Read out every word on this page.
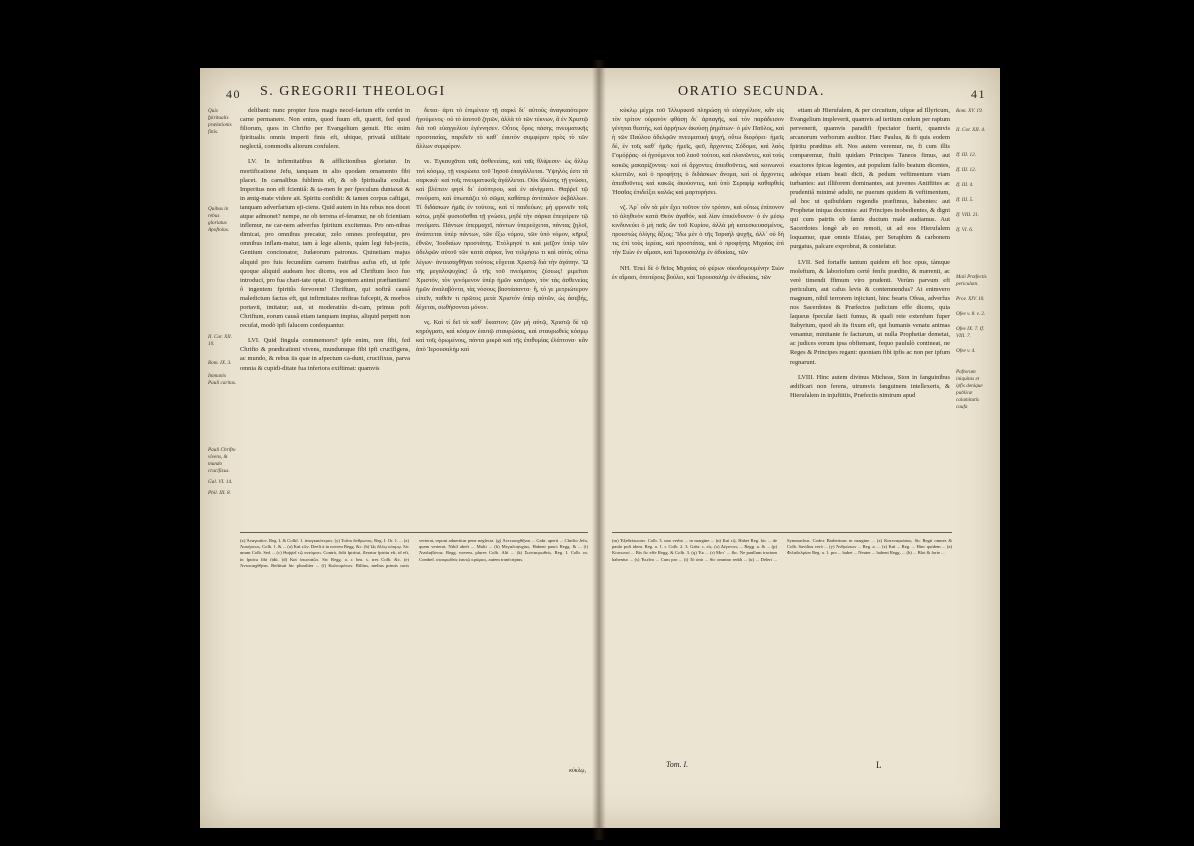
40 S. GREGORII THEOLOGI
Quis fpiritualis prælationis finis.
Quibus in rebus gloriatus Apoftolus.
II. Cor. XII. 10.
Rom. IX. 3.
Immanis Pauli caritas.
Pauli Chrifto vivens, & mundo crucifixus.
Gal. VI. 14.
Phil. III. 8.

delibant: nunc propter fuos magis necef-farium effe cenfet in carne permanere. Non enim, quod fuum eft, quærit, fed quod filiorum, quos in Chrifto per Evangelium genuit. Hic enim fpiritualis omnis imperii finis eft, ubique, privatâ utilitate neglectâ, commodis aliorum confulere.

LV. In infirmitatibus & afflictionibus gloriatur. In mortificatione Jefu, tanquam in alio quodam ornamento fibi placet. In carnalibus fublimis eft, & ob fpiritualia exultat. Imperitus non eft fcientiâ: & ta-men fe per fpeculum duntaxat & in ænig-mate videre ait. Spiritu confidit: & tamen corpus caftigat, tanquam adverfarium eji-ciens. Quid autem in his rebus nos docet atque admonet? nempe, ne ob terrena ef-feramur, ne ob fcientiam inflemur, ne car-nem adverfus fpiritum excitemus. Pro om-nibus dimicat, pro omnibus precatur, zelo omnes profequitur, pro omnibus inflam-matur, tam à lege alienis, quàm legi fub-jectis, Gentium concionator, Judæorum patronus. Quinetiam majus aliquid pro fuis fecundùm carnem fratribus aufus eft, ut ipfe quoque aliquid audeam hoc dicens, eos ad Chriftum loco fuo introduci, pro fua chari-tate optat. O ingentem animi præftantiam! ô ingentem fpiritûs fervorem! Chriftum, qui noftrâ causâ maledictum factus eft, qui infirmitates noftras fufcepit, & morbos portavit, imitatur; aut, ut moderatiùs di-cam, primus poft Chriftum, eorum causâ etiam tanquam impius, aliquid perpeti non recufat, modò ipfi falucem confequantur.

LVI. Quid fingula commemoro? ipfe enim, non fibi, fed Chrifto & prædicationi vivens, mundumque fibi ipfi crucifigens, ac mundo, & rebus iis quæ in afpectum ca-dunt, crucifixus, parva omnia & cupidi-ditate fua inferiora exiftimat: quamvis

δεται· ἀρτι τὸ ἐπιμένειν τῇ σαρκὶ δι᾽ αὐτοὺς ἀναγκαιότερον ἡγούμενος· οὐ τὸ ἑαυτοῦ ζητῶν, ἀλλὰ τὸ τῶν τέκνων, ἃ ἐν Χριστῷ διὰ τοῦ εὐαγγελίου ἐγέννησεν. Οὗτος ὅρος πάσης πνευματικῆς προστασίας, παριδεῖν τὸ καθ᾽ ἑαυτὸν συμφέρον πρὸς τὸ τῶν ἄλλων συμφέρον.

νε. Ἐγκαυχᾶται ταῖς ἀσθενείαις, καὶ ταῖς θλίψεσιν· ὡς ἄλλῳ τινὶ κόσμῳ, τῇ νεκρώσει τοῦ Ἰησοῦ ἐπαγάλλεται. Ὑψηλός ἐστι τὰ σαρκικά· καὶ τοῖς πνευματικοῖς ἀγάλλεται. Οὐκ ἰδιώτης τῇ γνώσει, καὶ βλέπειν φησὶ δι᾽ ἐσόπτρου, καὶ ἐν αἰνίγματι. Θαῤῥεῖ τῷ πνεύματι, καὶ ὑπωπιάζει τὸ σῶμα, καθάπερ ἀντίπαλον ἐκβάλλων. Τί διδάσκων ἡμᾶς ἐν τούτοις, καὶ τί παιδεύων; μὴ φρονεῖν τοῖς κάτω, μηδὲ φυσιοῦσθαι τῇ γνώσει, μηδὲ τὴν σάρκα ἐπεγείρειν τῷ πνεύματι. Πάντων ὑπερμαχεῖ, πάντων ὑπερεύχεται, πάντας ζηλοῖ, ἀνάπτεται ὑπὲρ πάντων, τῶν ἔξω νόμου, τῶν ὑπὸ νόμον, κῆρυξ ἐθνῶν, Ἰουδαίων προστάτης. Ἐτόλμησέ τι καὶ μεῖζον ὑπὲρ τῶν ἀδελφῶν αὐτοῦ τῶν κατὰ σάρκα, ἵνα τολμήσω τι καὶ αὐτὸς οὕτω λέγων· ἀντεισαχθῆναι τούτοις εὔχεται Χριστῷ διὰ τὴν ἀγάπην. Ὢ τῆς μεγαλοψυχίας! ὢ τῆς τοῦ πνεύματος ζέσεως! μιμεῖται Χριστόν, τὸν γενόμενον ὑπὲρ ἡμῶν κατάραν, τὸν τὰς ἀσθενείας ἡμῶν ἀναλαβόντα, τὰς νόσους βαστάσαντα· ἢ, τό γε μετριώτερον εἰπεῖν, παθεῖν τι πρῶτος μετὰ Χριστὸν ὑπὲρ αὐτῶν, ὡς ἀσεβής, δέχεται, σωθήσονται μόνον.

νς. Καὶ τί δεῖ τὰ καθ᾽ ἕκαστον; ζῶν μὴ αὐτῷ, Χριστῷ δὲ τῷ κηρύγματι, καὶ κόσμον ἑαυτῷ σταυρώσας, καὶ σταυρωθεὶς κόσμῳ καὶ τοῖς ὁρωμένοις, πάντα μικρὰ καὶ τῆς ἐπιθυμίας ἐλάττονα· κἂν ἀπὸ Ἱερουσαλὴμ καὶ

(x) Ἀναγκαῖον. Reg. I. & Colbf. 1. ἀναγκαιότερον. (y) Τοῦτο ἄνθρωπος. Reg. I. Or. 1. ... (z) Ἀσκήσεως. Colb. 1. & ... (a) Καὶ τῶν. Deeft à in novem Regg. &c. (b) Ὡς ἄλλῳ κόσμῳ. Sic unum Colb. Sed ... (c) Θαῤῥεῖ τῷ πνεύματι. Contrà, fidit fpiritui, fleratur fpiritu eft, id eft, in fpiritu fibi fidit. (d) Καὶ ὑπωπιάζει. Sic Regg. a. r. bm. s. tres Colb. &c. (e) Ἀντεισαχθῆναι. Reftituti hic pluraliter ... (f) Καλουμένων. Billius, melius primis curis verterat, reponi aduertitur pene neglecta. (g) Ἀντεισαχθῆναι ... Gabr. aperit ... Chrifto Jefu, quem verterat. Nihil abeft ... Multi ... (h) Μεγαλοψυχίας. Habent pauci Regg. & ... (i) Ἀναλαβόντα. Regg. novem, plures Colb. Alii ... (k) Συσταυρωθείς. Reg. I. Colb. m. Combef. σταυρωθεὶς ἐαυτῷ κρύφιος, autem tranfcriptus.
κύκλῳ,
ORATIO SECUNDA.	41

κύκλῳ μέχρι τοῦ Ἰλλυρικοῦ πληρώσῃ τὸ εὐαγγέλιον, κἂν εἰς τὸν τρίτον οὐρανὸν φθάσῃ δι᾽ ἁρπαγῆς, καὶ τὸν παράδεισον γένηται θεατής, καὶ ἀρρήτων ἀκούσῃ ῥημάτων· ὁ μὲν Παῦλος, καὶ ἡ τῶν Παύλου ἀδελφῶν πνευματική ψυχή, οὕτω διεφόρει· ἡμεῖς δέ, ἐν τοῖς καθ᾽ ἡμᾶς· ἡμεῖς, φεῦ, ἄρχοντες Σόδομα, καὶ λαὸς Γομόῤῥας· οἱ ἡγούμενοι τοῦ λαοῦ τούτου, καὶ πλανῶντες, καὶ τοὺς κακῶς μακαρίζοντας· καὶ οἱ ἄρχοντες ἀπειθοῦντες, καὶ κοινωνοὶ κλεπτῶν, καὶ ὁ προφήτης ὁ διδάσκων ἄνομα, καὶ οἱ ἄρχοντες ἀπειθοῦντες καὶ κακῶς ἀκούοντες, καὶ ὑπὸ Σεραφὶμ καθαρθεὶς Ἡσαΐας ἐπιδείξει καλῶς καὶ μαρτυρήσει.

νζ. Ἀρ᾽ οὖν τὰ μὲν ἔχει τοῦτον τὸν τρόπον, καὶ οὕτως ἐπίπονον τὸ ἀληθινὸν κατὰ Θεὸν ἀγαθόν, καὶ λίαν ἐπικίνδυνον· ὁ ἐν μέσῳ κινδυνεύει ὁ μὴ παῖς ὢν τοῦ Κυρίου, ἀλλὰ μὴ κατεσκευασμένος, προεστὼς ὀλίγης ἄξιος; Ἴδω μὲν ὁ τῆς Ἰσραὴλ ψυχῆς, ἀλλ᾽ οὐ δή τις ἐπὶ τοὺς ἱερέας, καὶ προστάτας, καὶ ὁ προφήτης Μιχαίας ἐπὶ τὴν Σιὼν ἐν αἵμασι, καὶ Ἱερουσαλὴμ ἐν ἀδικίαις, τῶν

ΝΗ. Ἐπεὶ δὲ ὁ θεῖος Μιχαίας οὐ φέρων οἰκοδομουμένην Σιὼν ἐν αἵμασι, ὁποτέροις βούλει, καὶ Ἱερουσαλὴμ ἐν ἀδικίαις, τῶν

etiam ab Hierufalem, & per circuitum, ufque ad Illyricum, Evangelium impleverit, quamvis ad tertium cœlum per raptum pervenerit, quamvis paradifi fpectator fuerit, quamvis arcanorum verborum auditor. Hæc Paulus, & fi quis eodem fpiritu præditus eft. Nos autem veremur, ne, fi cum illis comparemur, ftulti quidam Principes Taneos fimus, aut exactores fpicas legentes, aut populum falfo beatum dicentes, adeòque etiam beati dicti, & pedum veftimentum viam turbantes: aut illiforem dominantes, aut juvenes Antiftites ac prudentiâ minimè adulti, ne puerum quidem & veftimentum, ad hoc ut quibufdam regendis præfimus, habentes: aut Prophetæ iniqua docentes: aut Principes inobedientes, & digni qui cum patriis ob famis ductum male audiamus. Aut Sacerdotes longè ab eo remoti, ut ad eos Hierufalem loquamur, quæ omnis Efaias, per Seraphim & carbonem purgatus, palcare exprobrat, & contefatur.

LVII. Sed fortaffe tantum quidem eft hoc opus, tàmque moleftum, & laboriofum certè fenfu prædito, & mærenti, ac verè timendi ffimum viro prudenti. Verùm parvum eft periculum, aut cafus levis & contemnendus? At enimvero magnum, nihil terrorem injiciunt, hinc bearis Ofeas, adverfus nos Sacerdotes & Præfectos judicium effe dicens, quia laqueus fpeculæ facti fumus, & quafi rete extenfum fuper Itabyrium, quod ab iis fixum eft, qui humanis venatu animas venantur, minitante fe facturum, ut nulla Prophetiæ demetat, ac judices eorum ipsa obfiemant, fequo paululò contineat, ne Reges & Principes regant: quoniam fibi ipfis ac non per ipfum regnarunt.

LVIII. Hinc autem divinus Micheas, Sion in fanguinibus ædificari non ferens, utrumvis fanguinem intellexeris, & Hierufalem in injuftitiis, Præfectis nimirum apud

Rom. XV. 19.
II. Cor. XII. 4.
If. III. 12.
If. III. 12.
If. III. 4.
If. III. 5.
If. VIII. 21.
If. VI. 6.
Mali Præfectis periculum.
Prov. XIV. 10.
Ofee v. 8. v. 2.
Ofee IX. 7. If. VIII. 7.
Ofee v. 4.
Paftorum iniquitas et ipfis denique publicæ calamitatis caufa
(m) Ἐξεθείπωσαν. Colb. 3. uno verbo ... in margine ... (n) Καὶ τῷ. Habet Reg. hic ... de paulo poft idem. Reg. a. 1. r. Colb. 2. 3. Gabr. c. εἰς. (o) Δέγοντες ... Regg. a. & ... (p) Κοινωνοί ... Bis fic effe Regg. & Colb. 3. (q) Ἐκ ... (r) Μετ᾽ ... &c. Ne paullum tractum habentur ... (s) Ἐκεῖνο ... Cum pro ... (t) Τό ἀπὸ ... Sic omnino reddi ... (u) ... Deleri ... Symmachus. Codex Barberinus in margine ... (x) Κατεναγκάσας. Sic Regii omnes & Colb. Savilius verò ... (y) Ἀνθρώπων ... Reg. a. ... (z) Καὶ ... Reg. ... Hinc quidem ... (a) Φιλαδελφίαν Reg. a. 1. pro ... babet ... Neuter ... habent Regg. ... (b) ... Blot & forte ...
Tom. I.	L
